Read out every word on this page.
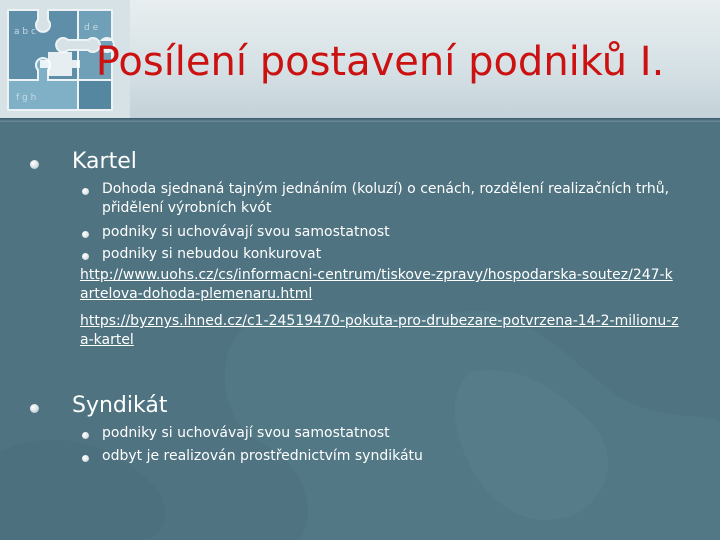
a b c	d e
f g h
Posílení postavení podniků I.
Kartel
Dohoda sjednaná tajným jednáním (koluzí) o cenách, rozdělení realizačních trhů, přidělení výrobních kvót
podniky si uchovávají svou samostatnost
podniky si nebudou konkurovat
http://www.uohs.cz/cs/informacni-centrum/tiskove-zpravy/hospodarska-soutez/247-kartelova-dohoda-plemenaru.html
https://byznys.ihned.cz/c1-24519470-pokuta-pro-drubezare-potvrzena-14-2-milionu-za-kartel
Syndikát
podniky si uchovávají svou samostatnost
odbyt je realizován prostřednictvím syndikátu
